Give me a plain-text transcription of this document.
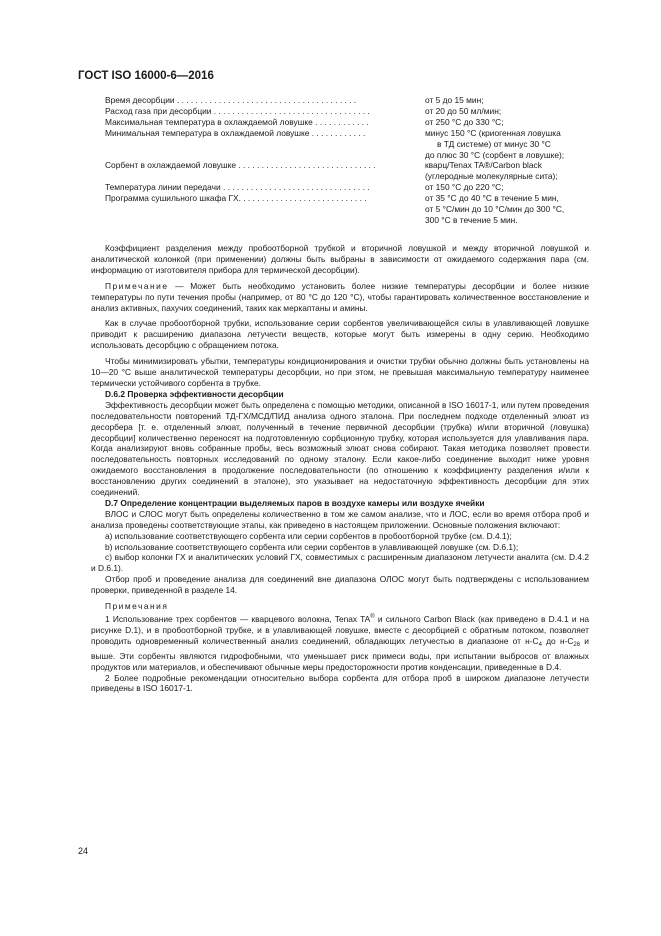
ГОСТ ISO 16000-6—2016
Время десорбции . . . . . . . . . . . . . . . . . . . . . . . . . . . . . . . . . . . . . . .	от 5 до 15 мин;
Расход газа при десорбции . . . . . . . . . . . . . . . . . . . . . . . . . . . . . . . . . .	от 20 до 50 мл/мин;
Максимальная температура в охлаждаемой ловушке . . . . . . . . . . . .	от 250 °С до 330 °С;
Минимальная температура в охлаждаемой ловушке . . . . . . . . . . . .	минус 150 °С (криогенная ловушка
в ТД системе) от минус 30 °С
до плюс 30 °С (сорбент в ловушке);
Сорбент в охлаждаемой ловушке . . . . . . . . . . . . . . . . . . . . . . . . . . . . . .	кварц/Tenax TA®/Carbon black
(углеродные молекулярные сита);
Температура линии передачи . . . . . . . . . . . . . . . . . . . . . . . . . . . . . . . .	от 150 °С до 220 °С;
Программа сушильного шкафа ГХ. . . . . . . . . . . . . . . . . . . . . . . . . . . .	от 35 °С до 40 °С в течение 5 мин,
от 5 °С/мин до 10 °С/мин до 300 °С,
300 °С в течение 5 мин.

Коэффициент разделения между пробоотборной трубкой и вторичной ловушкой и между вторичной ловушкой и аналитической колонкой (при применении) должны быть выбраны в зависимости от ожидаемого содержания пара (см. информацию от изготовителя прибора для термической десорбции).

Примечание — Может быть необходимо установить более низкие температуры десорбции и более низкие температуры по пути течения пробы (например, от 80 °С до 120 °С), чтобы гарантировать количественное восстановление и анализ активных, пахучих соединений, таких как меркаптаны и амины.

Как в случае пробоотборной трубки, использование серии сорбентов увеличивающейся силы в улавливающей ловушке приводит к расширению диапазона летучести веществ, которые могут быть измерены в одну серию. Необходимо использовать десорбцию с обращением потока.

Чтобы минимизировать убытки, температуры кондиционирования и очистки трубки обычно должны быть установлены на 10—20 °С выше аналитической температуры десорбции, но при этом, не превышая максимальную температуру наименее термически устойчивого сорбента в трубке.

D.6.2 Проверка эффективности десорбции

Эффективность десорбции может быть определена с помощью методики, описанной в ISO 16017-1, или путем проведения последовательности повторений ТД-ГХ/МСД/ПИД анализа одного эталона. При последнем подходе отделенный элюат из десорбера [т. е. отделенный элюат, полученный в течение первичной десорбции (трубка) и/или вторичной (ловушка) десорбции] количественно переносят на подготовленную сорбционную трубку, которая используется для улавливания пара. Когда анализируют вновь собранные пробы, весь возможный элюат снова собирают. Такая методика позволяет провести последовательность повторных исследований по одному эталону. Если какое-либо соединение выходит ниже уровня ожидаемого восстановления в продолжение последовательности (по отношению к коэффициенту разделения и/или к восстановлению других соединений в эталоне), это указывает на недостаточную эффективность десорбции для этих соединений.

D.7 Определение концентрации выделяемых паров в воздухе камеры или воздухе ячейки

ВЛОС и СЛОС могут быть определены количественно в том же самом анализе, что и ЛОС, если во время отбора проб и анализа проведены соответствующие этапы, как приведено в настоящем приложении. Основные положения включают:

a) использование соответствующего сорбента или серии сорбентов в пробоотборной трубке (см. D.4.1);

b) использование соответствующего сорбента или серии сорбентов в улавливающей ловушке (см. D.6.1);

c) выбор колонки ГХ и аналитических условий ГХ, совместимых с расширенным диапазоном летучести аналита (см. D.4.2 и D.6.1).

Отбор проб и проведение анализа для соединений вне диапазона ОЛОС могут быть подтверждены с использованием проверки, приведенной в разделе 14.

Примечания

1 Использование трех сорбентов — кварцевого волокна, Tenax TA® и сильного Carbon Black (как приведено в D.4.1 и на рисунке D.1), и в пробоотборной трубке, и в улавливающей ловушке, вместе с десорбцией с обратным потоком, позволяет проводить одновременный количественный анализ соединений, обладающих летучестью в диапазоне от $н-С_4$ до $н-С_{26}$ и выше. Эти сорбенты являются гидрофобными, что уменьшает риск примеси воды, при испытании выбросов от влажных продуктов или материалов, и обеспечивают обычные меры предосторожности против конденсации, приведенные в D.4.

2 Более подробные рекомендации относительно выбора сорбента для отбора проб в широком диапазоне летучести приведены в ISO 16017-1.

24
